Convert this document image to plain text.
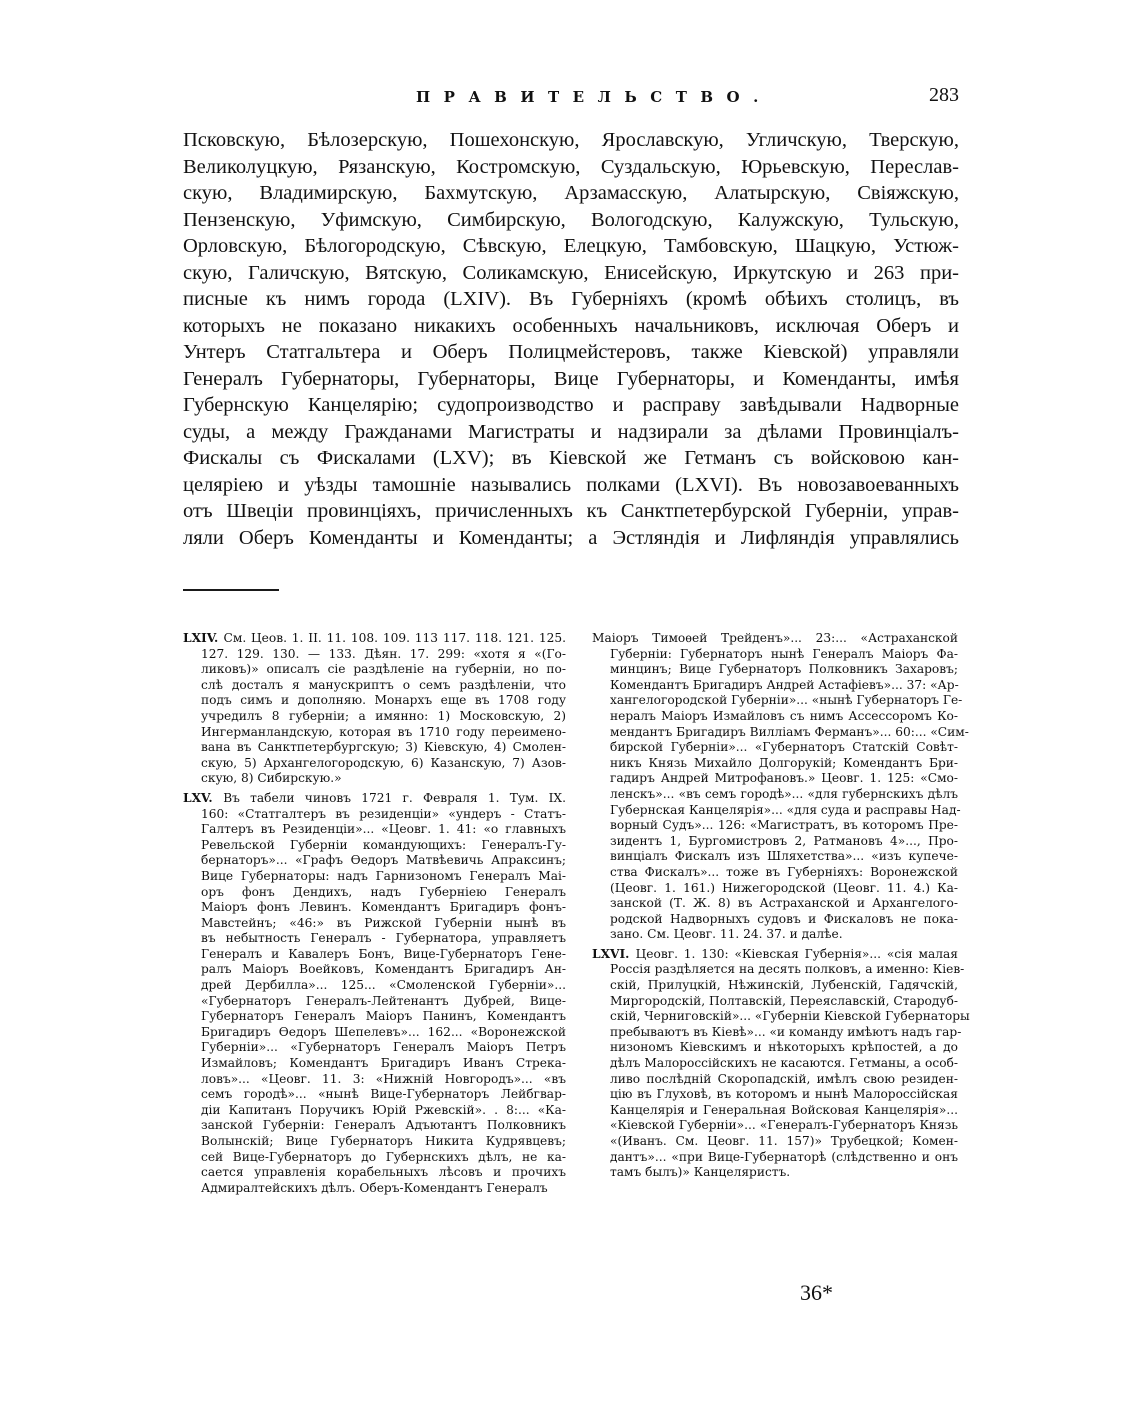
ПРАВИТЕЛЬСТВО.	283
Псковскую, Бѣлозерскую, Пошехонскую, Ярославскую, Угличскую, Тверскую,
Великолуцкую, Рязанскую, Костромскую, Суздальскую, Юрьевскую, Переслав-
скую, Владимирскую, Бахмутскую, Арзамасскую, Алатырскую, Свіяжскую,
Пензенскую, Уфимскую, Симбирскую, Вологодскую, Калужскую, Тульскую,
Орловскую, Бѣлогородскую, Сѣвскую, Елецкую, Тамбовскую, Шацкую, Устюж-
скую, Галичскую, Вятскую, Соликамскую, Енисейскую, Иркутскую и 263 при-
писные къ нимъ города (LXIV). Въ Губерніяхъ (кромѣ обѣихъ столицъ, въ
которыхъ не показано никакихъ особенныхъ начальниковъ, исключая Оберъ и
Унтеръ Статгальтера и Оберъ Полицмейстеровъ, также Кіевской) управляли
Генералъ Губернаторы, Губернаторы, Вице Губернаторы, и Коменданты, имѣя
Губернскую Канцелярію; судопроизводство и расправу завѣдывали Надворные
суды, а между Гражданами Магистраты и надзирали за дѣлами Провинціалъ-
Фискалы съ Фискалами (LXV); въ Кіевской же Гетманъ съ войсковою кан-
целяріею и уѣзды тамошніе назывались полками (LXVI). Въ новозавоеванныхъ
отъ Швеціи провинціяхъ, причисленныхъ къ Санктпетербурской Губерніи, управ-
ляли Оберъ Коменданты и Коменданты; а Эстляндія и Лифляндія управлялись
LXIV. См. Цеов. 1. II. 11. 108. 109. 113 117. 118. 121. 125.
127. 129. 130. — 133. Дѣян. 17. 299: «хотя я «(Го-
ликовъ)» описалъ сіе раздѣленіе на губерніи, но по-
слѣ досталъ я манускриптъ о семъ раздѣленіи, что
подъ симъ и дополняю. Монархъ еще въ 1708 году
учредилъ 8 губерніи; а имянно: 1) Московскую, 2)
Ингерманландскую, которая въ 1710 году переимено-
вана въ Санктпетербургскую; 3) Кіевскую, 4) Смолен-
скую, 5) Архангелогородскую, 6) Казанскую, 7) Азов-
скую, 8) Сибирскую.»
LXV. Въ табели чиновъ 1721 г. Февраля 1. Тум. IX.
160: «Статгалтеръ въ резиденціи» «ундеръ - Статъ-
Галтеръ въ Резиденціи»... «Цеовг. 1. 41: «о главныхъ
Ревельской Губерніи командующихъ: Генералъ-Гу-
бернаторъ»... «Графъ Өедоръ Матвѣевичь Апраксинъ;
Вице Губернаторы: надъ Гарнизономъ Генералъ Маі-
оръ фонъ Дендихъ, надъ Губерніею Генералъ
Маіоръ фонъ Левинъ. Комендантъ Бригадиръ фонъ-
Мавстейнъ; «46:» въ Рижской Губерніи нынѣ въ
въ небытность Генералъ - Губернатора, управляетъ
Генералъ и Кавалеръ Бонъ, Вице-Губернаторъ Гене-
ралъ Маіоръ Воейковъ, Комендантъ Бригадиръ Ан-
дрей Дербилла»... 125... «Смоленской Губерніи»...
«Губернаторъ Генералъ-Лейтенантъ Дубрей, Вице-
Губернаторъ Генералъ Маіоръ Панинъ, Комендантъ
Бригадиръ Өедоръ Шепелевъ»... 162... «Воронежской
Губерніи»... «Губернаторъ Генералъ Маіоръ Петръ
Измайловъ; Комендантъ Бригадиръ Иванъ Стрека-
ловъ»... «Цеовг. 11. 3: «Нижній Новгородъ»... «въ
семъ городѣ»... «нынѣ Вице-Губернаторъ Лейбгвар-
діи Капитанъ Поручикъ Юрій Ржевскій». . 8:... «Ка-
занской Губерніи: Генералъ Адъютантъ Полковникъ
Волынскій; Вице Губернаторъ Никита Кудрявцевъ;
сей Вице-Губернаторъ до Губернскихъ дѣлъ, не ка-
сается управленія корабельныхъ лѣсовъ и прочихъ
Адмиралтейскихъ дѣлъ. Оберъ-Комендантъ Генералъ
Маіоръ Тимоѳей Трейденъ»... 23:... «Астраханской
Губерніи: Губернаторъ нынѣ Генералъ Маіоръ Фа-
минцинъ; Вице Губернаторъ Полковникъ Захаровъ;
Комендантъ Бригадиръ Андрей Астафіевъ»... 37: «Ар-
хангелогородской Губерніи»... «нынѣ Губернаторъ Ге-
нералъ Маіоръ Измайловъ съ нимъ Ассессоромъ Ко-
мендантъ Бригадиръ Вилліамъ Ферманъ»... 60:... «Сим-
бирской Губерніи»... «Губернаторъ Статскій Совѣт-
никъ Князь Михайло Долгорукій; Комендантъ Бри-
гадиръ Андрей Митрофановъ.» Цеовг. 1. 125: «Смо-
ленскъ»... «въ семъ городѣ»... «для губернскихъ дѣлъ
Губернская Канцелярія»... «для суда и расправы Над-
ворный Судъ»... 126: «Магистратъ, въ которомъ Пре-
зидентъ 1, Бургомистровъ 2, Ратмановъ 4»..., Про-
винціалъ Фискалъ изъ Шляхетства»... «изъ купече-
ства Фискалъ»... тоже въ Губерніяхъ: Воронежской
(Цеовг. 1. 161.) Нижегородской (Цеовг. 11. 4.) Ка-
занской (Т. Ж. 8) въ Астраханской и Архангелого-
родской Надворныхъ судовъ и Фискаловъ не пока-
зано. См. Цеовг. 11. 24. 37. и далѣе.
LXVI. Цеовг. 1. 130: «Кіевская Губернія»... «сія малая
Россія раздѣляется на десять полковъ, а именно: Кіев-
скій, Прилуцкій, Нѣжинскій, Лубенскій, Гадячскій,
Миргородскій, Полтавскій, Переяславскій, Стародуб-
скій, Черниговскій»... «Губерніи Кіевской Губернаторы
пребываютъ въ Кіевѣ»... «и команду имѣютъ надъ гар-
низономъ Кіевскимъ и нѣкоторыхъ крѣпостей, а до
дѣлъ Малороссійскихъ не касаются. Гетманы, а особ-
ливо послѣдній Скоропадскій, имѣлъ свою резиден-
цію въ Глуховѣ, въ которомъ и нынѣ Малороссійская
Канцелярія и Генеральная Войсковая Канцелярія»...
«Кіевской Губерніи»... «Генералъ-Губернаторъ Князь
«(Иванъ. См. Цеовг. 11. 157)» Трубецкой; Комен-
дантъ»... «при Вице-Губернаторѣ (слѣдственно и онъ
тамъ былъ)» Канцеляристъ.
36*
